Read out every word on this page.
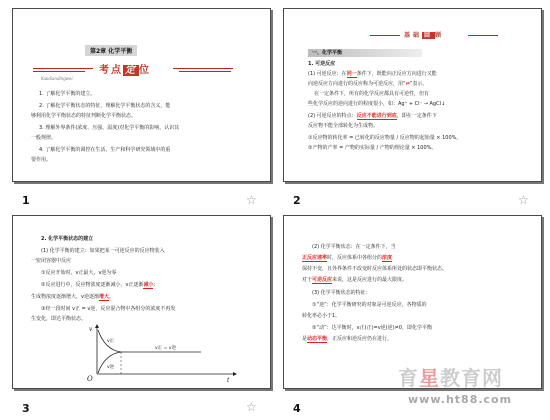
第2章 化学平衡
考点 定 位
Kaodiandingwei
1. 了解化学平衡的建立。
2. 了解化学平衡状态的特征，理解化学平衡状态的含义，能
够利用化学平衡状态的特征判断化学平衡状态。
3. 理解外界条件(浓度、压强、温度)对化学平衡的影响，认识其
一般规律。
4. 了解化学平衡的调控在生活、生产和科学研究领域中的重
要作用。
1	☆
基础 回 顾
一、化学平衡
1. 可逆反应
(1) 可逆反应：在同一条件下，既能向正反应方向进行又能
向逆反应方向进行的反应称为可逆反应，用“⇌”表示。
在一定条件下，所有的化学反应都具有可逆性，但有
些化学反应的逆向进行的程度很小，如：Ag⁺ + Cl⁻ → AgCl↓
(2) 可逆反应的特点：反应不能进行到底，即在一定条件下
反应物不能全部转化为生成物。
①反应物的转化率 = 已转化的反应物量 / 反应物的起始量 × 100%。
②产物的产率 = 产物的实际量 / 产物的理论量 × 100%。
2	☆
2. 化学平衡状态的建立
(1) 化学平衡的建立：如果把某一可逆反应的反应物装入
一密闭容器中反应
①反应开始时，v正最大，v逆为零
②反应进行中，反应物浓度逐渐减小，v正逐渐减小；
生成物浓度逐渐增大，v逆逐渐增大。
③经一段时间 v正 = v逆，反应混合物中各组分的浓度不再发
生变化，即达平衡状态。
v正
v逆
v正 = v逆
v
t
O
3	☆
(2) 化学平衡状态：在一定条件下，当
正反应速率时，反应体系中各组分的浓度
保持不变，且外界条件不改变时反应体系所处的状态即平衡状态。
对于可逆反应来说，这是反应进行的最大限度。
(3) 化学平衡状态的特征：
①“逆”：化学平衡研究的对象是可逆反应，各物质的
转化率必小于1。
②“动”：达平衡时，v正(正)=v逆(逆)≠0，即化学平衡
是动态平衡，正反应和逆反应仍在进行。
4
育星教育网
www.ht88.com
